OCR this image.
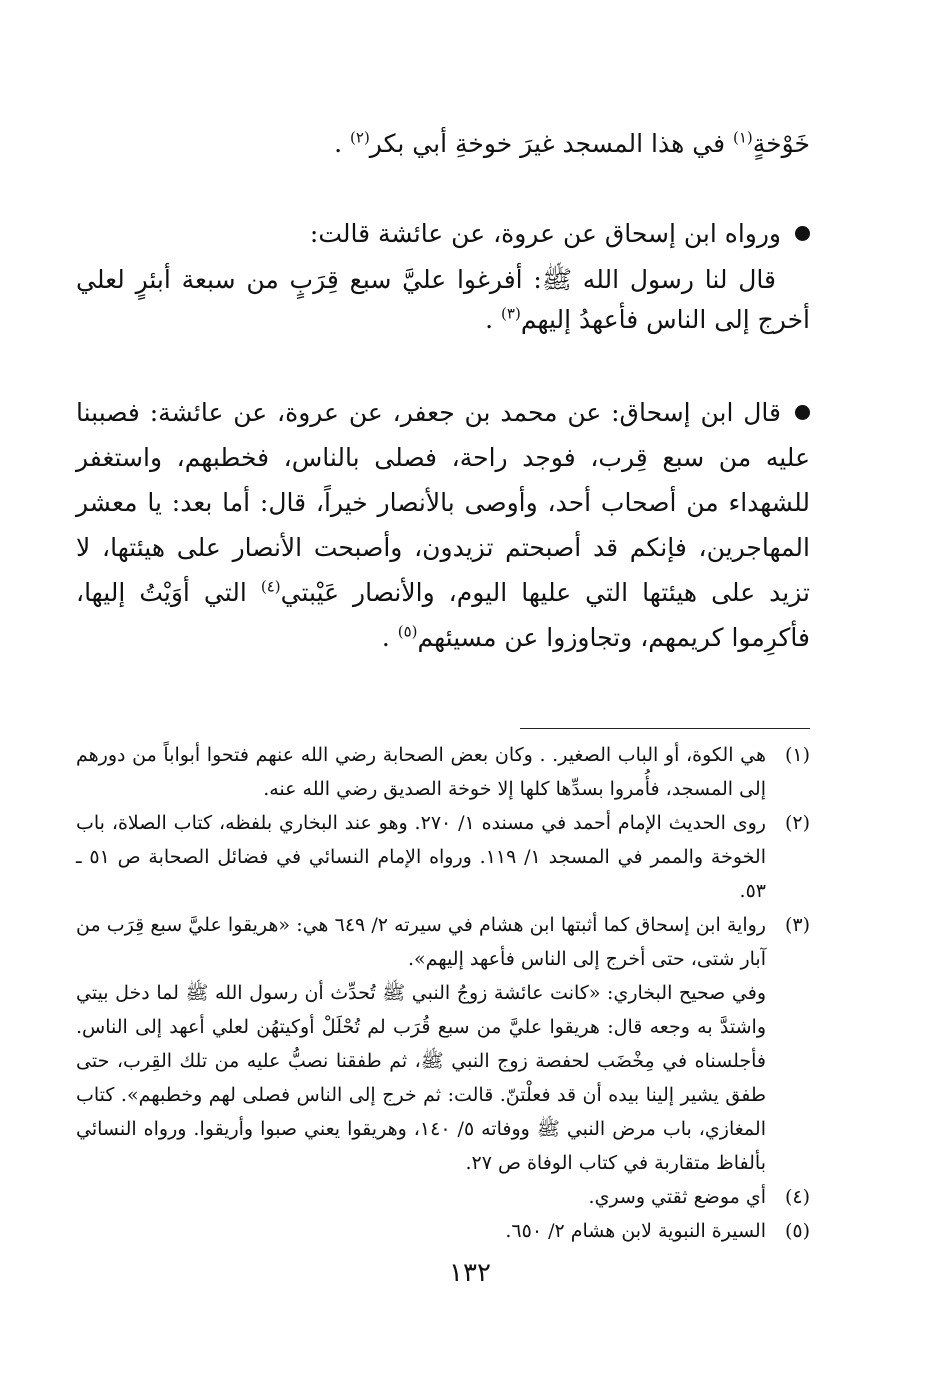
خَوْخةٍ$^{(١)}$ في هذا المسجد غيرَ خوخةِ أبي بكر$^{(٢)}$ .

ورواه ابن إسحاق عن عروة، عن عائشة قالت:

قال لنا رسول الله ﷺ: أفرغوا عليَّ سبع قِرَبٍ من سبعة أبئرٍ لعلي أخرج إلى الناس فأعهدُ إليهم$^{(٣)}$ .

قال ابن إسحاق: عن محمد بن جعفر، عن عروة، عن عائشة: فصببنا عليه من سبع قِرب، فوجد راحة، فصلى بالناس، فخطبهم، واستغفر للشهداء من أصحاب أحد، وأوصى بالأنصار خيراً، قال: أما بعد: يا معشر المهاجرين، فإنكم قد أصبحتم تزيدون، وأصبحت الأنصار على هيئتها، لا تزيد على هيئتها التي عليها اليوم، والأنصار عَيْبتي$^{(٤)}$ التي أوَيْتُ إليها، فأكرِموا كريمهم، وتجاوزوا عن مسيئهم$^{(٥)}$ .

(١)

هي الكوة، أو الباب الصغير. . وكان بعض الصحابة رضي الله عنهم فتحوا أبواباً من دورهم إلى المسجد، فأُمروا بسدِّها كلها إلا خوخة الصديق رضي الله عنه.

(٢)

روى الحديث الإمام أحمد في مسنده ١/ ٢٧٠. وهو عند البخاري بلفظه، كتاب الصلاة، باب الخوخة والممر في المسجد ١/ ١١٩. ورواه الإمام النسائي في فضائل الصحابة ص ٥١ ـ ٥٣.

(٣)

رواية ابن إسحاق كما أثبتها ابن هشام في سيرته ٢/ ٦٤٩ هي: «هريقوا عليَّ سبع قِرَب من آبار شتى، حتى أخرج إلى الناس فأعهد إليهم».

وفي صحيح البخاري: «كانت عائشة زوجُ النبي ﷺ تُحدِّث أن رسول الله ﷺ لما دخل بيتي واشتدَّ به وجعه قال: هريقوا عليَّ من سبع قُرَب لم تُحْلَلْ أوكيتهُن لعلي أعهد إلى الناس. فأجلسناه في مِخْضَب لحفصة زوج النبي ﷺ، ثم طفقنا نصبُّ عليه من تلك القِرب، حتى طفق يشير إلينا بيده أن قد فعلْتنّ. قالت: ثم خرج إلى الناس فصلى لهم وخطبهم». كتاب المغازي، باب مرض النبي ﷺ ووفاته ٥/ ١٤٠، وهريقوا يعني صبوا وأريقوا. ورواه النسائي بألفاظ متقاربة في كتاب الوفاة ص ٢٧.

(٤)

أي موضع ثقتي وسري.

(٥)

السيرة النبوية لابن هشام ٢/ ٦٥٠.

١٣٢
